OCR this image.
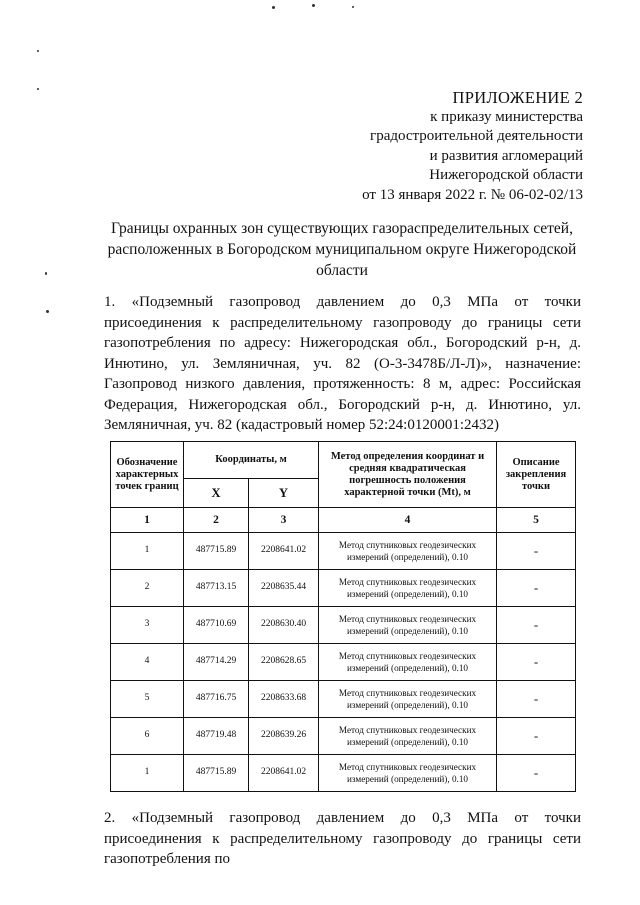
ПРИЛОЖЕНИЕ 2
к приказу министерства
градостроительной деятельности
и развития агломераций
Нижегородской области
от 13 января 2022 г. № 06-02-02/13
Границы охранных зон существующих газораспределительных сетей, расположенных в Богородском муниципальном округе Нижегородской области
1. «Подземный газопровод давлением до 0,3 МПа от точки присоединения к распределительному газопроводу до границы сети газопотребления по адресу: Нижегородская обл., Богородский р-н, д. Инютино, ул. Земляничная, уч. 82 (О-3-3478Б/Л-Л)», назначение: Газопровод низкого давления, протяженность: 8 м, адрес: Российская Федерация, Нижегородская обл., Богородский р-н, д. Инютино, ул. Земляничная, уч. 82 (кадастровый номер 52:24:0120001:2432)
Обозначение характерных точек границ	Координаты, м		Метод определения координат и средняя квадратическая погрешность положения характерной точки (Mt), м	Описание закрепления точки
	X	Y		
1	2	3	4	5
1	487715.89	2208641.02	Метод спутниковых геодезических измерений (определений), 0.10	-
2	487713.15	2208635.44	Метод спутниковых геодезических измерений (определений), 0.10	-
3	487710.69	2208630.40	Метод спутниковых геодезических измерений (определений), 0.10	-
4	487714.29	2208628.65	Метод спутниковых геодезических измерений (определений), 0.10	-
5	487716.75	2208633.68	Метод спутниковых геодезических измерений (определений), 0.10	-
6	487719.48	2208639.26	Метод спутниковых геодезических измерений (определений), 0.10	-
1	487715.89	2208641.02	Метод спутниковых геодезических измерений (определений), 0.10	-
2. «Подземный газопровод давлением до 0,3 МПа от точки присоединения к распределительному газопроводу до границы сети газопотребления по
